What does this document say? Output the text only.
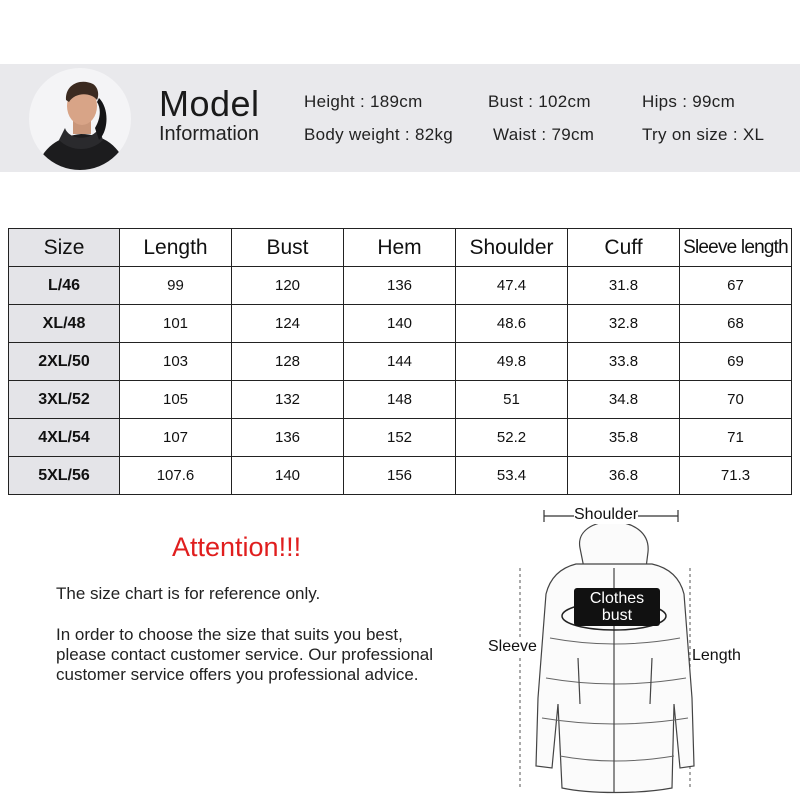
Model
Information
Height : 189cm	Bust : 102cm	Hips : 99cm
Body weight : 82kg Waist : 79cm	Try on size : XL
Size	Length	Bust	Hem	Shoulder	Cuff	Sleeve length
L/46	99	120	136	47.4	31.8	67
XL/48	101	124	140	48.6	32.8	68
2XL/50	103	128	144	49.8	33.8	69
3XL/52	105	132	148	51	34.8	70
4XL/54	107	136	152	52.2	35.8	71
5XL/56	107.6	140	156	53.4	36.8	71.3
Attention!!!
The size chart is for reference only.
In order to choose the size that suits you best,
please contact customer service. Our professional
customer service offers you professional advice.
Shoulder
Clothes
bust
Sleeve
Length
